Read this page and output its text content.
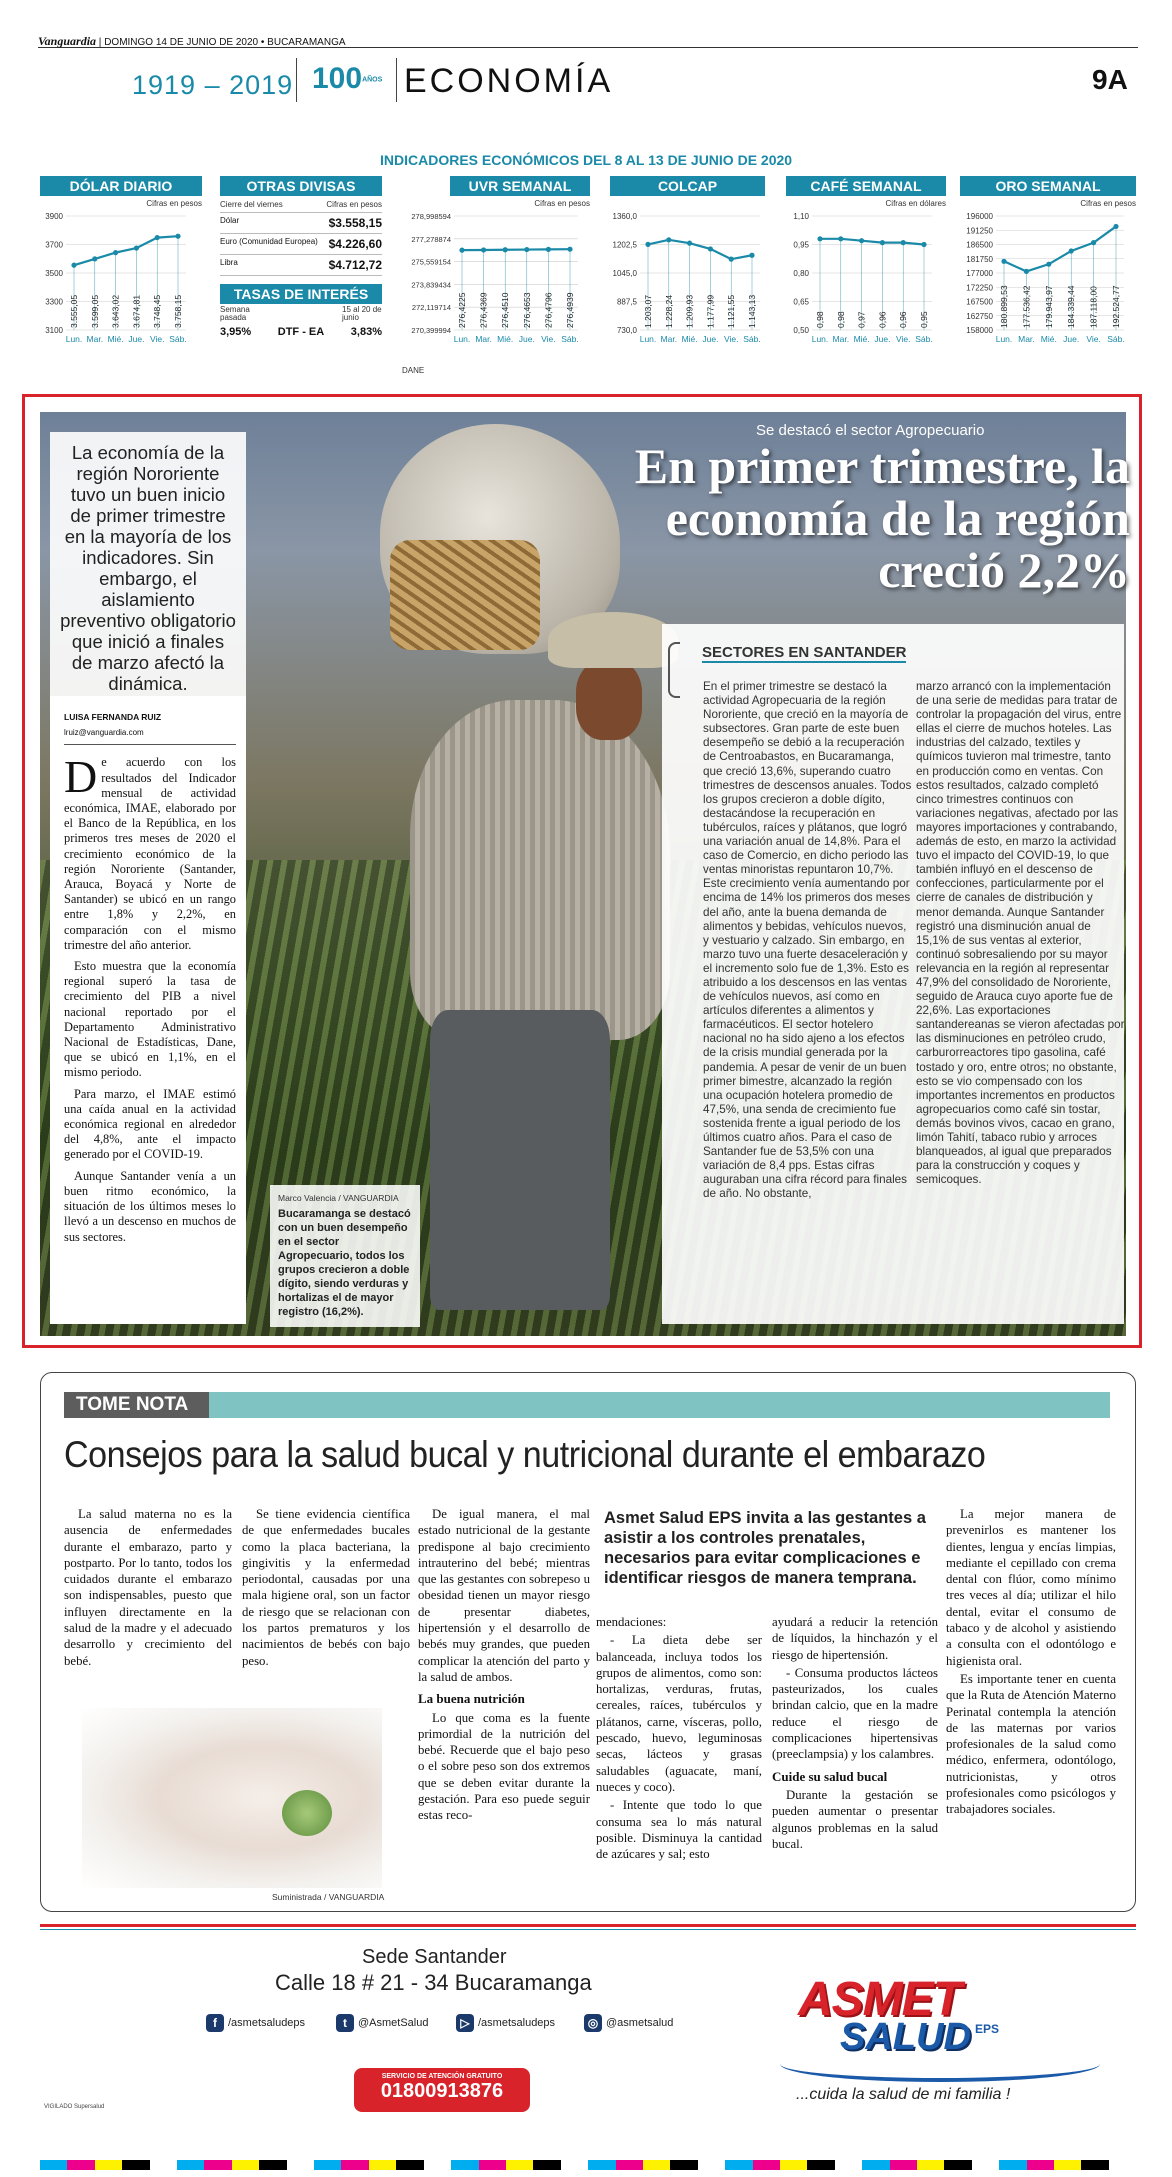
Vanguardia | DOMINGO 14 DE JUNIO DE 2020 • BUCARAMANGA
1919 – 2019 100AÑOS ECONOMÍA	9A
INDICADORES ECONÓMICOS DEL 8 AL 13 DE JUNIO DE 2020
DÓLAR DIARIO
Cifras en pesos
3900
3700
3500
3300
3100
3.555,05
Lun.
3.599,05
Mar.
3.643,02
Mié.
3.674,81
Jue.
3.748,45
Vie.
3.758,15
Sáb.
OTRAS DIVISAS
Cierre del viernes	Cifras en pesos
Dólar	$3.558,15
Euro (Comunidad Europea) $4.226,60
Libra	$4.712,72
TASAS DE INTERÉS
Semana pasada
15 al 20 de junio
3,95% DTF - EA 3,83%
UVR SEMANAL
Cifras en pesos
DANE
278,998594
277,278874
275,559154
273,839434
272,119714
270,399994
276,4225
Lun.
276,4369
Mar.
276,4510
Mié.
276,4653
Jue.
276,4796
Vie.
276,4939
Sáb.
COLCAP
1360,0
1202,5
1045,0
887,5
730,0
1.203,07
Lun.
1.228,24
Mar.
1.209,93
Mié.
1.177,99
Jue.
1.121,55
Vie.
1.143,13
Sáb.
CAFÉ SEMANAL
Cifras en dólares
1,10
0,95
0,80
0,65
0,50
0,98
Lun.
0,98
Mar.
0,97
Mié.
0,96
Jue.
0,96
Vie.
0,95
Sáb.
ORO SEMANAL
Cifras en pesos
196000
191250
186500
181750
177000
172250
167500
162750
158000
180.899,53
Lun.
177.536,42
Mar.
179.943,97
Mié.
184.339,44
Jue.
187.118,00
Vie.
192.524,77
Sáb.
La economía de la región Nororiente tuvo un buen inicio de primer trimestre en la mayoría de los indicadores. Sin embargo, el aislamiento preventivo obligatorio que inició a finales de marzo afectó la dinámica.
LUISA FERNANDA RUIZ
lruiz@vanguardia.com

De acuerdo con los resultados del Indicador mensual de actividad económica, IMAE, elaborado por el Banco de la República, en los primeros tres meses de 2020 el crecimiento económico de la región Nororiente (Santander, Arauca, Boyacá y Norte de Santander) se ubicó en un rango entre 1,8% y 2,2%, en comparación con el mismo trimestre del año anterior.

Esto muestra que la economía regional superó la tasa de crecimiento del PIB a nivel nacional reportado por el Departamento Administrativo Nacional de Estadísticas, Dane, que se ubicó en 1,1%, en el mismo periodo.

Para marzo, el IMAE estimó una caída anual en la actividad económica regional en alrededor del 4,8%, ante el impacto generado por el COVID-19.

Aunque Santander venía a un buen ritmo económico, la situación de los últimos meses lo llevó a un descenso en muchos de sus sectores.

Marco Valencia / VANGUARDIA
Bucaramanga se destacó con un buen desempeño en el sector Agropecuario, todos los grupos crecieron a doble dígito, siendo verduras y hortalizas el de mayor registro (16,2%).
Se destacó el sector Agropecuario
En primer trimestre, la economía de la región creció 2,2%
SECTORES EN SANTANDER
En el primer trimestre se destacó la actividad Agropecuaria de la región Nororiente, que creció en la mayoría de subsectores. Gran parte de este buen desempeño se debió a la recuperación de Centroabastos, en Bucaramanga, que creció 13,6%, superando cuatro trimestres de descensos anuales. Todos los grupos crecieron a doble dígito, destacándose la recuperación en tubérculos, raíces y plátanos, que logró una variación anual de 14,8%. Para el caso de Comercio, en dicho periodo las ventas minoristas repuntaron 10,7%. Este crecimiento venía aumentando por encima de 14% los primeros dos meses del año, ante la buena demanda de alimentos y bebidas, vehículos nuevos, y vestuario y calzado. Sin embargo, en marzo tuvo una fuerte desaceleración y el incremento solo fue de 1,3%. Esto es atribuido a los descensos en las ventas de vehículos nuevos, así como en artículos diferentes a alimentos y farmacéuticos. El sector hotelero nacional no ha sido ajeno a los efectos de la crisis mundial generada por la pandemia. A pesar de venir de un buen primer bimestre, alcanzado la región una ocupación hotelera promedio de 47,5%, una senda de crecimiento fue sostenida frente a igual periodo de los últimos cuatro años. Para el caso de Santander fue de 53,5% con una variación de 8,4 pps. Estas cifras auguraban una cifra récord para finales de año. No obstante,
marzo arrancó con la implementación de una serie de medidas para tratar de controlar la propagación del virus, entre ellas el cierre de muchos hoteles. Las industrias del calzado, textiles y químicos tuvieron mal trimestre, tanto en producción como en ventas. Con estos resultados, calzado completó cinco trimestres continuos con variaciones negativas, afectado por las mayores importaciones y contrabando, además de esto, en marzo la actividad tuvo el impacto del COVID-19, lo que también influyó en el descenso de confecciones, particularmente por el cierre de canales de distribución y menor demanda. Aunque Santander registró una disminución anual de 15,1% de sus ventas al exterior, continuó sobresaliendo por su mayor relevancia en la región al representar 47,9% del consolidado de Nororiente, seguido de Arauca cuyo aporte fue de 22,6%. Las exportaciones santandereanas se vieron afectadas por las disminuciones en petróleo crudo, carburorreactores tipo gasolina, café tostado y oro, entre otros; no obstante, esto se vio compensado con los importantes incrementos en productos agropecuarios como café sin tostar, demás bovinos vivos, cacao en grano, limón Tahití, tabaco rubio y arroces blanqueados, al igual que preparados para la construcción y coques y semicoques.
TOME NOTA
Consejos para la salud bucal y nutricional durante el embarazo

La salud materna no es la ausencia de enfermedades durante el embarazo, parto y postparto. Por lo tanto, todos los cuidados durante el embarazo son indispensables, puesto que influyen directamente en la salud de la madre y el adecuado desarrollo y crecimiento del bebé.

Se tiene evidencia científica de que enfermedades bucales como la placa bacteriana, la gingivitis y la enfermedad periodontal, causadas por una mala higiene oral, son un factor de riesgo que se relacionan con los partos prematuros y los nacimientos de bebés con bajo peso.

De igual manera, el mal estado nutricional de la gestante predispone al bajo crecimiento intrauterino del bebé; mientras que las gestantes con sobrepeso u obesidad tienen un mayor riesgo de presentar diabetes, hipertensión y el desarrollo de bebés muy grandes, que pueden complicar la atención del parto y la salud de ambos.

La buena nutrición

Lo que coma es la fuente primordial de la nutrición del bebé. Recuerde que el bajo peso o el sobre peso son dos extremos que se deben evitar durante la gestación. Para eso puede seguir estas reco-

Asmet Salud EPS invita a las gestantes a asistir a los controles prenatales, necesarios para evitar complicaciones e identificar riesgos de manera temprana.

mendaciones:

- La dieta debe ser balanceada, incluya todos los grupos de alimentos, como son: hortalizas, verduras, frutas, cereales, raíces, tubérculos y plátanos, carne, vísceras, pollo, pescado, huevo, leguminosas secas, lácteos y grasas saludables (aguacate, maní, nueces y coco).

- Intente que todo lo que consuma sea lo más natural posible. Disminuya la cantidad de azúcares y sal; esto

ayudará a reducir la retención de líquidos, la hinchazón y el riesgo de hipertensión.

- Consuma productos lácteos pasteurizados, los cuales brindan calcio, que en la madre reduce el riesgo de complicaciones hipertensivas (preeclampsia) y los calambres.

Cuide su salud bucal

Durante la gestación se pueden aumentar o presentar algunos problemas en la salud bucal.

La mejor manera de prevenirlos es mantener los dientes, lengua y encías limpias, mediante el cepillado con crema dental con flúor, como mínimo tres veces al día; utilizar el hilo dental, evitar el consumo de tabaco y de alcohol y asistiendo a consulta con el odontólogo e higienista oral.

Es importante tener en cuenta que la Ruta de Atención Materno Perinatal contempla la atención de las maternas por varios profesionales de la salud como médico, enfermera, odontólogo, nutricionistas, y otros profesionales como psicólogos y trabajadores sociales.

Suministrada / VANGUARDIA
Sede Santander
Calle 18 # 21 - 34 Bucaramanga
f	/asmetsaludeps	t	@AsmetSalud	▷ /asmetsaludeps	◎ @asmetsalud
SERVICIO DE ATENCIÓN GRATUITO
01800913876
ASMET
SALUD EPS
...cuida la salud de mi familia !
VIGILADO Supersalud
